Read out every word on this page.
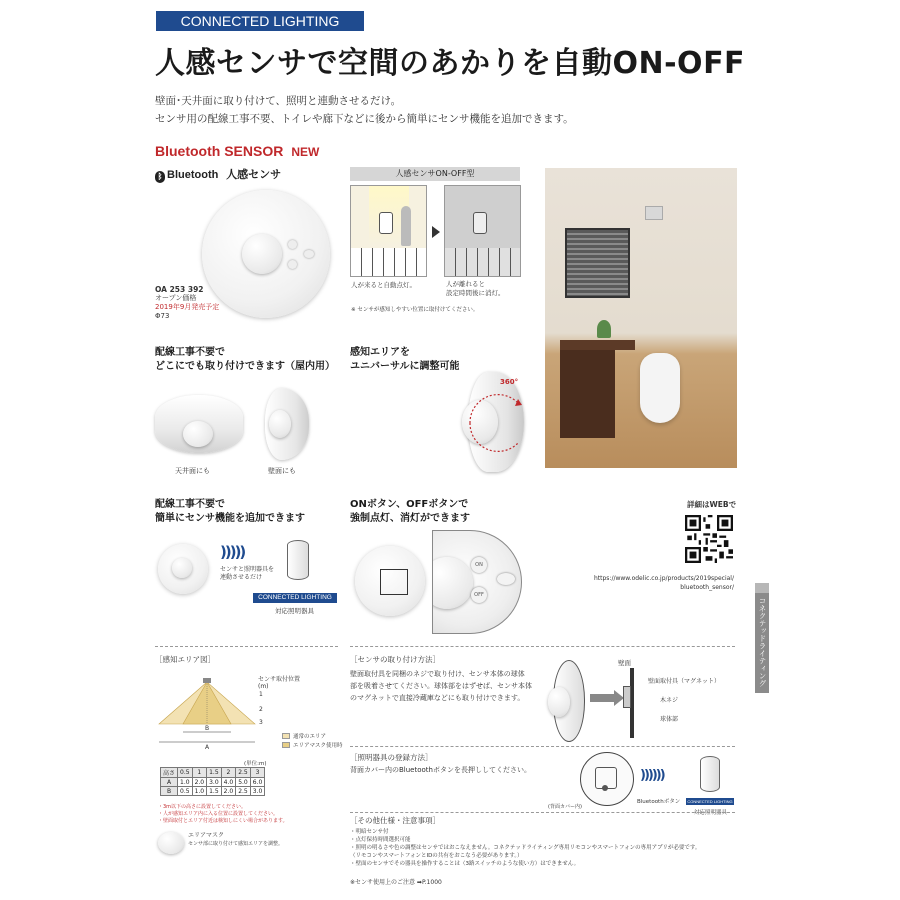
CONNECTED LIGHTING
人感センサで空間のあかりを自動ON-OFF
壁面･天井面に取り付けて、照明と連動させるだけ。
センサ用の配線工事不要、トイレや廊下などに後から簡単にセンサ機能を追加できます。
Bluetooth SENSOR NEW
ᛒ Bluetooth 人感センサ
OA 253 392
オープン価格
2019年9月発売予定
Φ73
人感センサON-OFF型
人が来ると自動点灯。	人が離れると
設定時間後に消灯。
※ センサが感知しやすい位置に取付けてください。
配線工事不要で
どこにでも取り付けできます（屋内用）
天井面にも	壁面にも
感知エリアを
ユニバーサルに調整可能
360°
配線工事不要で
簡単にセンサ機能を追加できます
)))))
センサと照明器具を
連動させるだけ
CONNECTED LIGHTING
対応照明器具
ONボタン、OFFボタンで
強制点灯、消灯ができます
ON
OFF
詳細はWEBで
https://www.odelic.co.jp/products/2019special/
bluetooth_sensor/
コネクテッドライティング
［感知エリア図］
センサ取付位置
(m)
1
2
3
B
A
通常のエリア
エリアマスク使用時
(単位:m)
高さ	0.5	1	1.5	2	2.5	3
A	1.0	2.0	3.0	4.0	5.0	6.0
B	0.5	1.0	1.5	2.0	2.5	3.0
・3m以下の高さに設置してください。
・人が感知エリア内に入る位置に設置してください。
・壁面取付とエリア付近は検知しにくい場合があります。
エリアマスク
センサ部に取り付けて感知エリアを調整。
［センサの取り付け方法］
壁面取付具を同梱のネジで取り付け、センサ本体の球体
部を吸着させてください。球体部をはずせば、センサ本体
のマグネットで直接冷蔵庫などにも取り付けできます。
壁面
壁面取付具（マグネット）
木ネジ
球体部
［照明器具の登録方法］
背面カバー内のBluetoothボタンを長押ししてください。
(背面カバー内)
Bluetoothボタン
))))))
CONNECTED LIGHTING
対応照明器具
［その他仕様・注意事項］
・明暗センサ付
・点灯保持時間選択可能
・照明の明るさや色の調整はセンサではおこなえません。コネクテッドライティング専用リモコンやスマートフォンの専用アプリが必要です。
（リモコンやスマートフォンとIDの共有をおこなう必要があります。）
・壁面のセンサでその器具を操作することは（3路スイッチのような使い方）はできません。
※センサ使用上のご注意 ➡P.1000
